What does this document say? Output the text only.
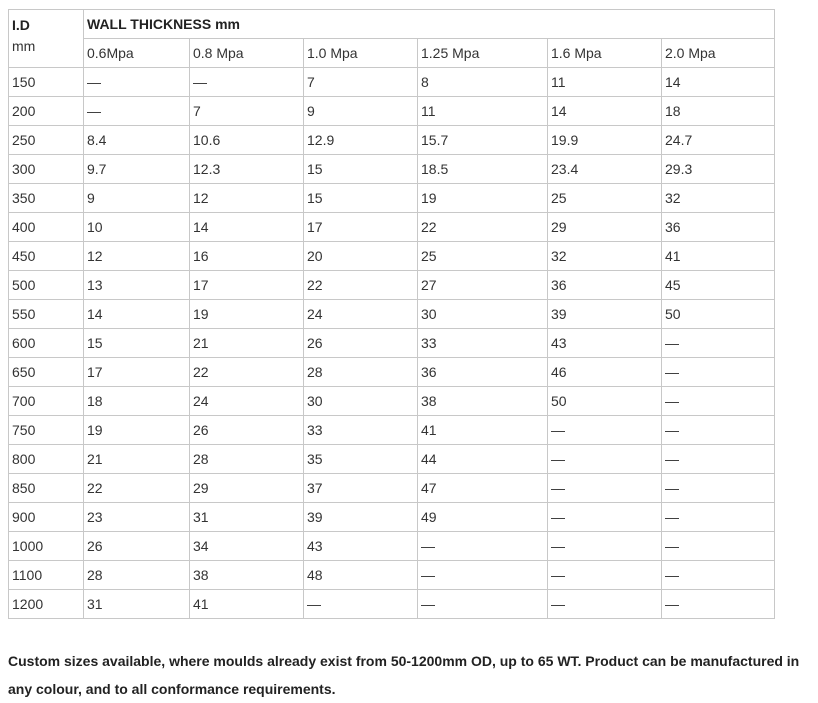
I.D
mm	WALL THICKNESS mm					
	0.6Mpa	0.8 Mpa	1.0 Mpa	1.25 Mpa	1.6 Mpa	2.0 Mpa
150	—	—	7	8	11	14
200	—	7	9	11	14	18
250	8.4	10.6	12.9	15.7	19.9	24.7
300	9.7	12.3	15	18.5	23.4	29.3
350	9	12	15	19	25	32
400	10	14	17	22	29	36
450	12	16	20	25	32	41
500	13	17	22	27	36	45
550	14	19	24	30	39	50
600	15	21	26	33	43	—
650	17	22	28	36	46	—
700	18	24	30	38	50	—
750	19	26	33	41	—	—
800	21	28	35	44	—	—
850	22	29	37	47	—	—
900	23	31	39	49	—	—
1000	26	34	43	—	—	—
1100	28	38	48	—	—	—
1200	31	41	—	—	—	—

Custom sizes available, where moulds already exist from 50-1200mm OD, up to 65 WT. Product can be manufactured in any colour, and to all conformance requirements.
